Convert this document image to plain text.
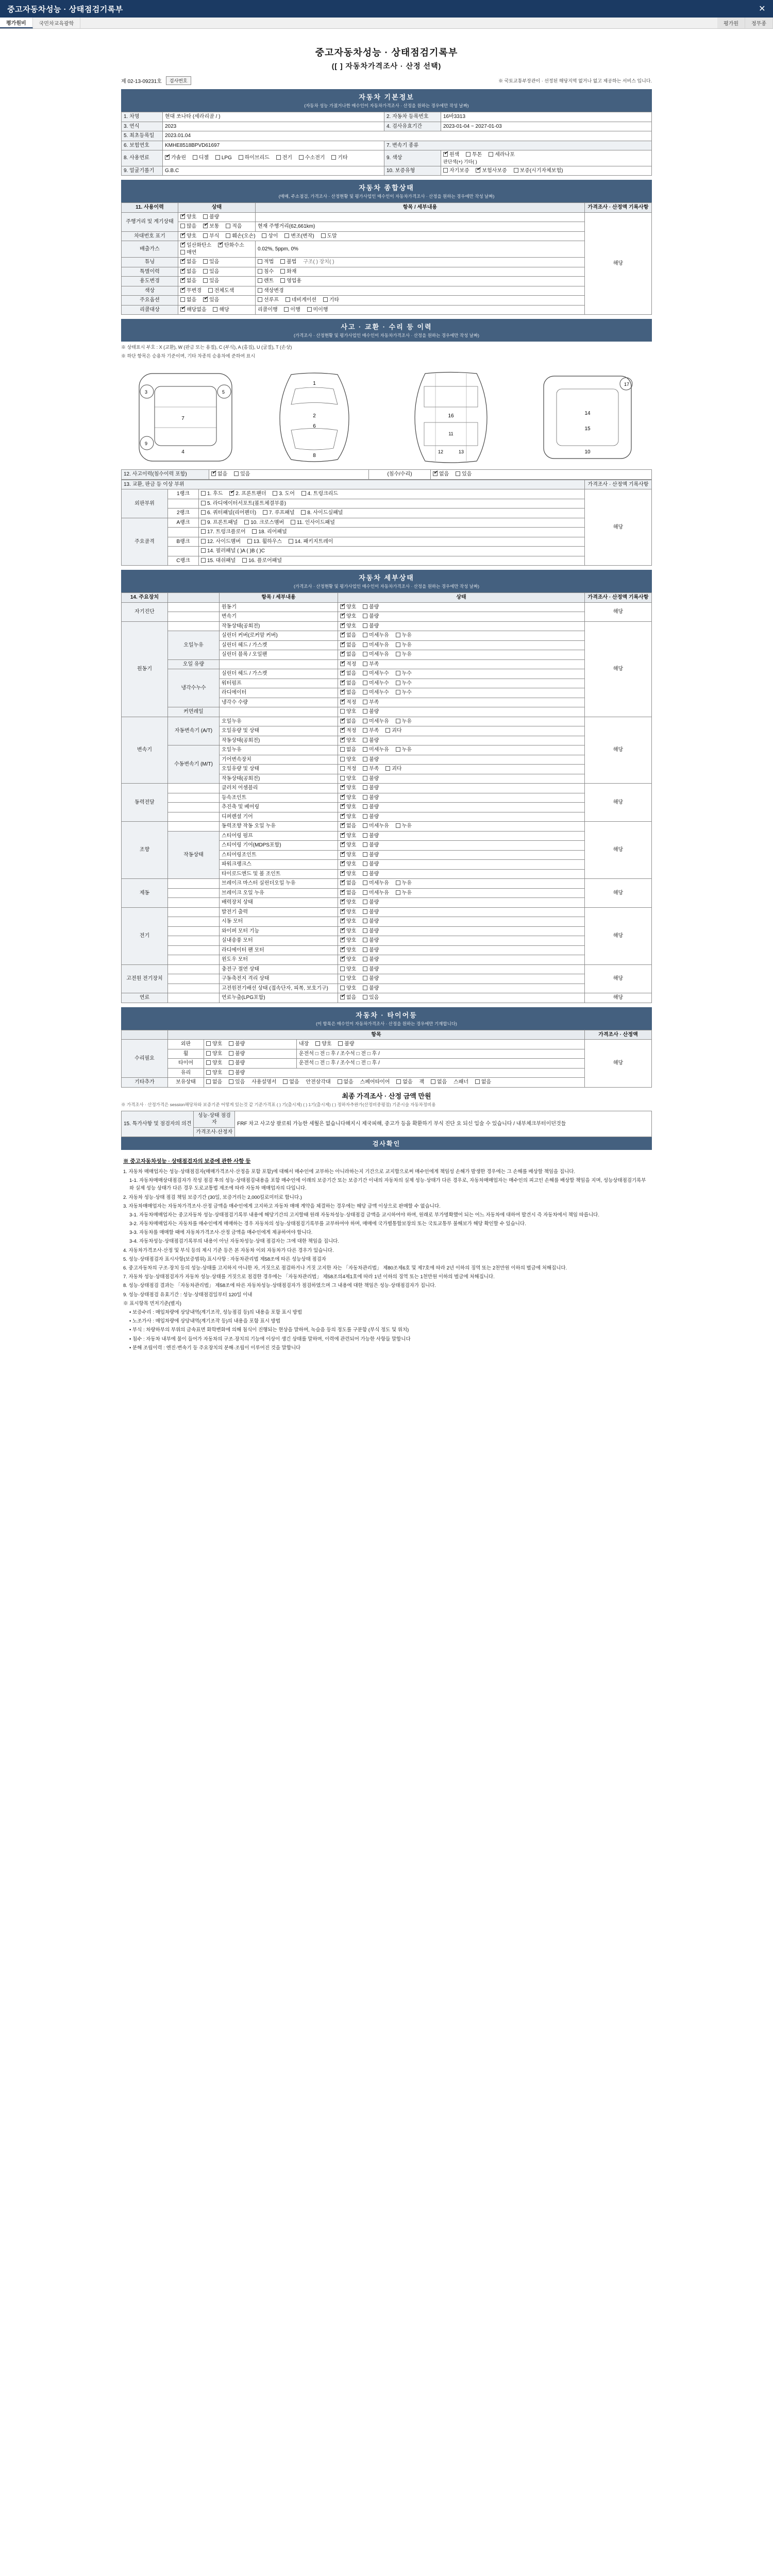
중고자동차성능 · 상태점검기록부	✕
평가원비	국민차교육광학	평가원	정무종
중고자동차성능 · 상태점검기록부
([ ] 자동차가격조사 · 산정 선택)
제 02-13-09231호	검사번호	※ 국토교통부장관이 · 선정된 해당지역 없거나 없고 제공하는 서비스 입니다.
자동차 기본정보
(자동차 성능 가졌거나한 매수인이 자동차가격조사 · 산정을 원하는 경우에만 작성 날짜)
1. 차명	현대 쏘나타 (세라리골 / )	2. 자동차 등록번호	16바3313
3. 연식	2023	4. 검사유효기간	2023-01-04 ~ 2027-01-03
5. 최초등록일	2023.01.04		
6. 보험연호	KMHE8518BPVD61697	7. 변속기 종류	
8. 사용연료	✔가솔린 디젤 LPG 하이브리드 전기 수소전기 기타	9. 색상	✔원색 투톤 세라나포
판단색(+) 기타( )

9. 얼굴기롤기	G.B.C	10. 보증유형	자기보증 ✔ 보험사보증 보증(시기자체보험)
자동차 종합상태
(매매, 주소점검, 가격조사 · 산정현황 및 평가사업인 매수인이 자동차가격조사 · 산정을 원하는 경우에만 작성 날짜)
11. 사용이력	상태	항목 / 세부내용	가격조사 · 산정액 기록사항
주행거리 및 계기상태	✔양호 불량		해당
	많음 ✔ 보통 적음	현재 주행거리(62,661km)	
차대번호 표기	✔양호 부식 훼손(오손) 상이 변조(변작) 도말
배출가스	✔일산화탄소 ✔ 탄화수소 매연	0.02%, 5ppm, 0%	
튜닝	✔없음 있음	적법 불법 구조( ) 장치( )	
특별이력	✔없음 있음	침수 화재	
용도변경	✔없음 있음	렌트 영업용	
색상	✔무변경 전체도색	색상변경	
주요옵션	없음 ✔ 있음	선루프 네비게이션 기타	
리콜대상	✔해당없음 해당	리콜이행 이행 미이행	
사고 · 교환 · 수리 등 이력
(가격조사 · 산정현황 및 평가사업인 매수인이 자동차가격조사 · 산정을 원하는 경우에만 작성 날짜)
※ 상태표시 부호 : X (교환), W (판금 또는 용접), C (부식), A (흠집), U (굴절), T (손상)
※ 하단 항목은 승용차 기준이며, 기타 차종의 승용차에 준하여 표시
3	5
9
7
4
1
2
6
8
16
11
12	13
17
14
15
10
12. 사고이력(침수이력 포함)	✔없음 있음	(침수/수리)	✔없음 있음
13. 교환, 판금 등 이상 부위			가격조사 · 산정액 기록사항
외판부위	1랭크	1. 후드 ✔ 2. 프론트팬더 3. 도어 4. 트렁크리드	해당
		5. 라디에이터서포트(볼트체결부품)	
	2랭크	6. 쿼터패널(리어펜더) 7. 루프패널 8. 사이드실패널	
주요골격	A랭크	9. 프론트패널 10. 크로스멤버 11. 인사이드패널	
		17. 트렁크플로어 18. 리어패널	
	B랭크	12. 사이드멤버 13. 휠하우스 14. 패키지트레이	
		14. 필러패널 ( )A ( )B ( )C	
	C랭크	15. 대쉬패널 16. 플로어패널	
자동차 세부상태
(가격조사 · 산정현황 및 평가사업인 매수인이 자동차가격조사 · 산정을 원하는 경우에만 작성 날짜)
14. 주요장치		항목 / 세부내용	상태	가격조사 · 산정액 기록사항
자기진단		원동기	✔양호 불량	해당
		변속기	✔양호 불량
원동기		작동상태(공회전)	✔양호 불량	해당
	오일누유	실린더 커버(로커암 커버)	✔없음 미세누유 누유
		실린더 헤드 / 가스켓	✔없음 미세누유 누유
		실린더 블록 / 오일팬	✔없음 미세누유 누유
	오일 유량		✔적정 부족
	냉각수누수	실린더 헤드 / 가스켓	✔없음 미세누수 누수
		워터펌프	✔없음 미세누수 누수
		라디에이터	✔없음 미세누수 누수
		냉각수 수량	✔적정 부족
	커먼레일		양호 불량	
변속기	자동변속기 (A/T)	오일누유	✔없음 미세누유 누유	해당
		오일유량 및 상태	✔적정 부족 괴다
		작동상태(공회전)	✔양호 불량
	수동변속기 (M/T)	오일누유	없음 미세누유 누유	
		기어변속장치	양호 불량	
		오일유량 및 상태	적정 부족 괴다	
		작동상태(공회전)	양호 불량	
동력전달		클러치 어셈블리	✔양호 불량	해당
		등속조인트	✔양호 불량
		추진축 및 베어링	✔양호 불량
		디퍼렌셜 기어	✔양호 불량
조향		동력조향 작동 오일 누유	✔없음 미세누유 누유	해당
	작동상태	스티어링 펌프	✔양호 불량
		스티어링 기어(MDPS포함)	✔양호 불량
		스티어링조인트	✔양호 불량
		파워크랭크스	✔양호 불량
		타이로드엔드 및 볼 조인트	✔양호 불량
제동		브레이크 마스터 실린더오일 누유	✔없음 미세누유 누유	해당
		브레이크 오일 누유	✔없음 미세누유 누유
		배력장치 상태	✔양호 불량
전기		발전기 출력	✔양호 불량	해당
		시동 모터	✔양호 불량
		와이퍼 모터 기능	✔양호 불량
		실내송풍 모터	✔양호 불량
		라디에이터 팬 모터	✔양호 불량
		윈도우 모터	✔양호 불량
고전원 전기장치		충전구 절연 상태	양호 불량	해당
		구동축전지 격리 상태	양호 불량	
		고전원전기배선 상태 (접속단자, 피복, 보호기구)	양호 불량	
연료		연료누출(LPG포함)	✔없음 있음	해당
자동차 · 타이어등
(이 항목은 매수인이 자동차가격조사 · 산정을 원하는 경우에만 기재합니다)
	항목			가격조사 · 산정액
수리필요	외판	양호 불량	내장 양호 불량	해당
	휠	양호 불량	운전석 □ 전 □ 후 / 조수석 □ 전 □ 후 /	
	타이어	양호 불량	운전석 □ 전 □ 후 / 조수석 □ 전 □ 후 /	
	유리	양호 불량		
기타추가	보유상태	없음 있음 사용설명서 없음 안전삼각대 없음 스페어타이어 없음 잭 없음 스패너 없음		
최종 가격조사 · 산정 금액 만원
※ 가격조사 · 산정가격은 session해당차와 보증기준 어떻게 있는것 같 기준가격표 ( ) 기(출시제) ( ) 1기(출시제) ( ) 정하자추완가(산정비중평점) 기준시슬 자동차정비용
15. 특가사항 및 점검자의 의견	성능·상태 점검자	FRF 차고 사고상 팔로워 가능한 세월은 없습니다해지시 제국피해, 중고가 등을 확환하기 부식 진단 요 되신 입술 수 있습니다 / 내부체크부터이던것들
가격조사·산정자
검사확인
※ 중고자동차성능 · 상태점검자의 보증에 관한 사항 등

1. 자동차 매매업자는 성능·상태점검자(매매가격조사·산정을 포함 포함)에 대해서 매수인에 교부하는 아니라하는지 기간으로 교지합으로써 매수인에게 책임성 손해가 발생한 경우에는 그 손해를 배상할 책임을 집니다.

1-1. 자동차매매상대점검자가 작성 점검 후의 성능·상태점검내용을 포함 매수인에 이래의 보증기간 또는 보증기간 이내의 자동차의 실제 성능·상태가 다른 경우로, 자동차매매업자는 매수인의 피고인 손해를 배상할 책임을 지며, 성능상태점검기록부와 실제 성능 상태가 다른 경우 도로교통법 제조에 따라 자동차 매매업자의 다입니다.

2. 자동차 성능·상태 점검 책임 보증기간 (30일, 보증거리는 2,000킬로미터로 합니다.)

3. 자동차매매업자는 자동차가격조사·산정 금액을 매수인에게 고지하고 자동차 매매 계약을 체결하는 경우에는 해당 금액 이상으로 판매할 수 없습니다.

3-1. 자동차매매업자는 중고자동차 성능·상태점검기록부 내용에 해당기간의 고지할때 원래 자동차성능·상태점검 금액을 교시하여야 하며, 원래로 부가명확했어 되는 어느 자동차에 대하여 발견시 즉 자동차에서 책임 따릅니다.

3-2. 자동차매매업자는 자동차를 매수인에게 매매하는 경우 자동차의 성능·상태점검기록부를 교부하여야 하며, 매매에 국가별통합보장의 또는 국토교통부 불해보가 해당 확인할 수 있습니다.

3-3. 자동차를 매매할 때에 자동차가격조사·산정 금액을 매수인에게 제공하여야 합니다.

3-4. 자동차성능·상태점검기록부의 내용이 아닌 자동차성능·상태 점검자는 그에 대한 책임을 집니다.

4. 자동차가격조사·산정 및 부식 등의 제시 기준 등은 본 자동차 이외 자동차가 다른 경우가 있습니다.

5. 성능·상태점검자 표시사항(보증범위) 표시사항 : 자동차관리법 제58조에 따른 성능상태 점검자

6. 중고자동차의 구조·장치 등의 성능·상태를 고지하지 아니한 자, 거짓으로 점검하거나 거짓 고지한 자는 「자동차관리법」 제80조제6호 및 제7호에 따라 2년 이하의 징역 또는 2천만원 이하의 벌금에 처해집니다.

7. 자동차 성능·상태점검자가 자동차 성능·상태를 거짓으로 점검한 경우에는 「자동차관리법」 제58조의4제1호에 따라 1년 이하의 징역 또는 1천만원 이하의 벌금에 처해집니다.

8. 성능·상태점검 결과는 「자동차관리법」 제58조에 따른 자동차성능·상태점검자가 점검하였으며 그 내용에 대한 책임은 성능·상태점검자가 집니다.

9. 성능·상태점검 유효기간 : 성능·상태점검일부터 120일 이내

※ 표시항목 먼저기준(별지)

• 보증수리 : 매입차량에 상당내역(계기조작, 성능점검 등)의 내용을 포함 표시 방법

• 노조가사 : 매입차량에 상당내역(계기조작 등)의 내용을 포함 표시 방법

• 부식 : 차량하부의 부위의 금속표면 화학변화에 의해 침식이 진행되는 현상을 말하며, 녹슬음 등의 정도를 구분함 (부식 정도 및 위치)

• 침수 : 자동차 내부에 물이 들어가 자동차의 구조·장치의 기능에 이상이 생긴 상태를 말하며, 이력에 관련되어 가능한 사항들 말합니다

• 분해 조립이력 : 엔진·변속기 등 주요장치의 분해·조립이 이루어진 것을 말합니다
